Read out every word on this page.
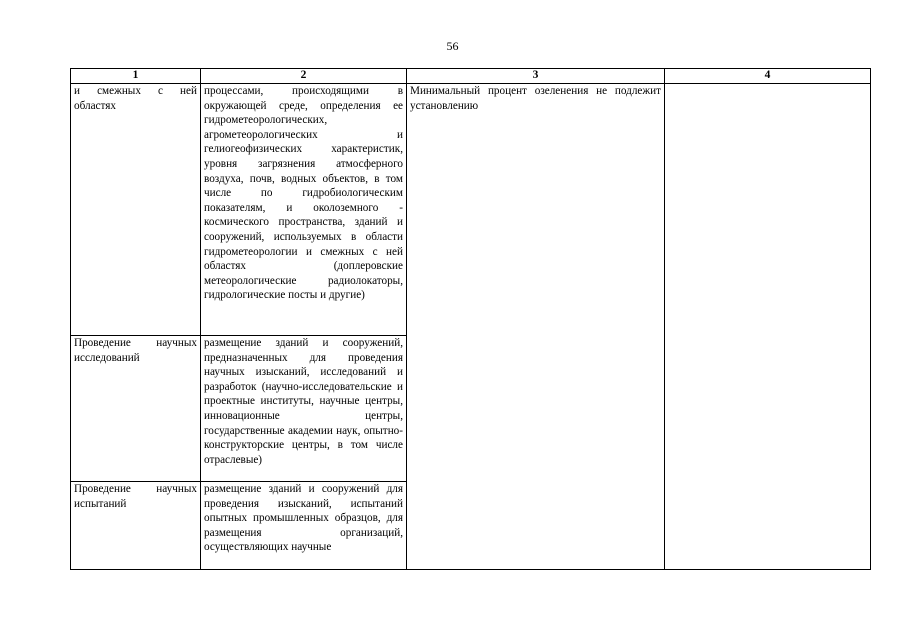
56
1	2	3	4
и смежных с ней областях	процессами, происходящими в окружающей среде, определения ее гидрометеорологических, агрометеорологических и гелиогеофизических характеристик, уровня загрязнения атмосферного воздуха, почв, водных объектов, в том числе по гидробиологическим показателям, и околоземного - космического пространства, зданий и сооружений, используемых в области гидрометеорологии и смежных с ней областях (доплеровские метеорологические радиолокаторы, гидрологические посты и другие)	Минимальный процент озеленения не подлежит установлению	
Проведение научных исследований	размещение зданий и сооружений, предназначенных для проведения научных изысканий, исследований и разработок (научно-исследовательские и проектные институты, научные центры, инновационные центры, государственные академии наук, опытно-конструкторские центры, в том числе отраслевые)		
Проведение научных испытаний	размещение зданий и сооружений для проведения изысканий, испытаний опытных промышленных образцов, для размещения организаций, осуществляющих научные		
